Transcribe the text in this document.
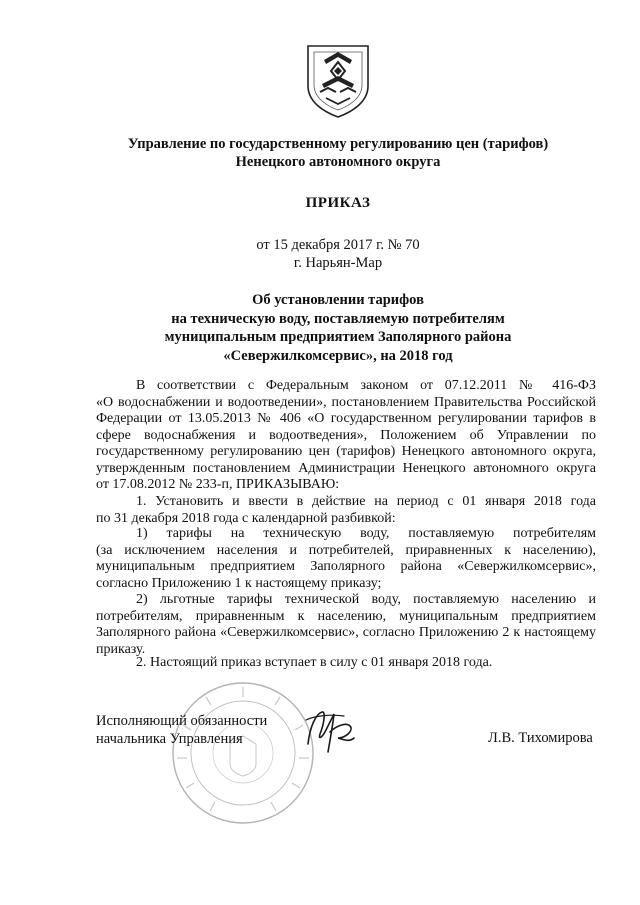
Управление по государственному регулированию цен (тарифов)
Ненецкого автономного округа
ПРИКАЗ
от 15 декабря 2017 г. № 70
г. Нарьян-Мар
Об установлении тарифов
на техническую воду, поставляемую потребителям
муниципальным предприятием Заполярного района
«Севержилкомсервис», на 2018 год
В соответствии с Федеральным законом от 07.12.2011 № 416-ФЗ
«О водоснабжении и водоотведении», постановлением Правительства Российской
Федерации от 13.05.2013 № 406 «О государственном регулировании тарифов в
сфере водоснабжения и водоотведения», Положением об Управлении по
государственному регулированию цен (тарифов) Ненецкого автономного округа,
утвержденным постановлением Администрации Ненецкого автономного округа
от 17.08.2012 № 233-п, ПРИКАЗЫВАЮ:
1. Установить и ввести в действие на период с 01 января 2018 года
по 31 декабря 2018 года с календарной разбивкой:
1) тарифы на техническую воду, поставляемую потребителям
(за исключением населения и потребителей, приравненных к населению),
муниципальным предприятием Заполярного района «Севержилкомсервис»,
согласно Приложению 1 к настоящему приказу;
2) льготные тарифы технической воду, поставляемую населению и
потребителям, приравненным к населению, муниципальным предприятием
Заполярного района «Севержилкомсервис», согласно Приложению 2 к настоящему
приказу.
2. Настоящий приказ вступает в силу с 01 января 2018 года.
Исполняющий обязанности
начальника Управления	Л.В. Тихомирова
